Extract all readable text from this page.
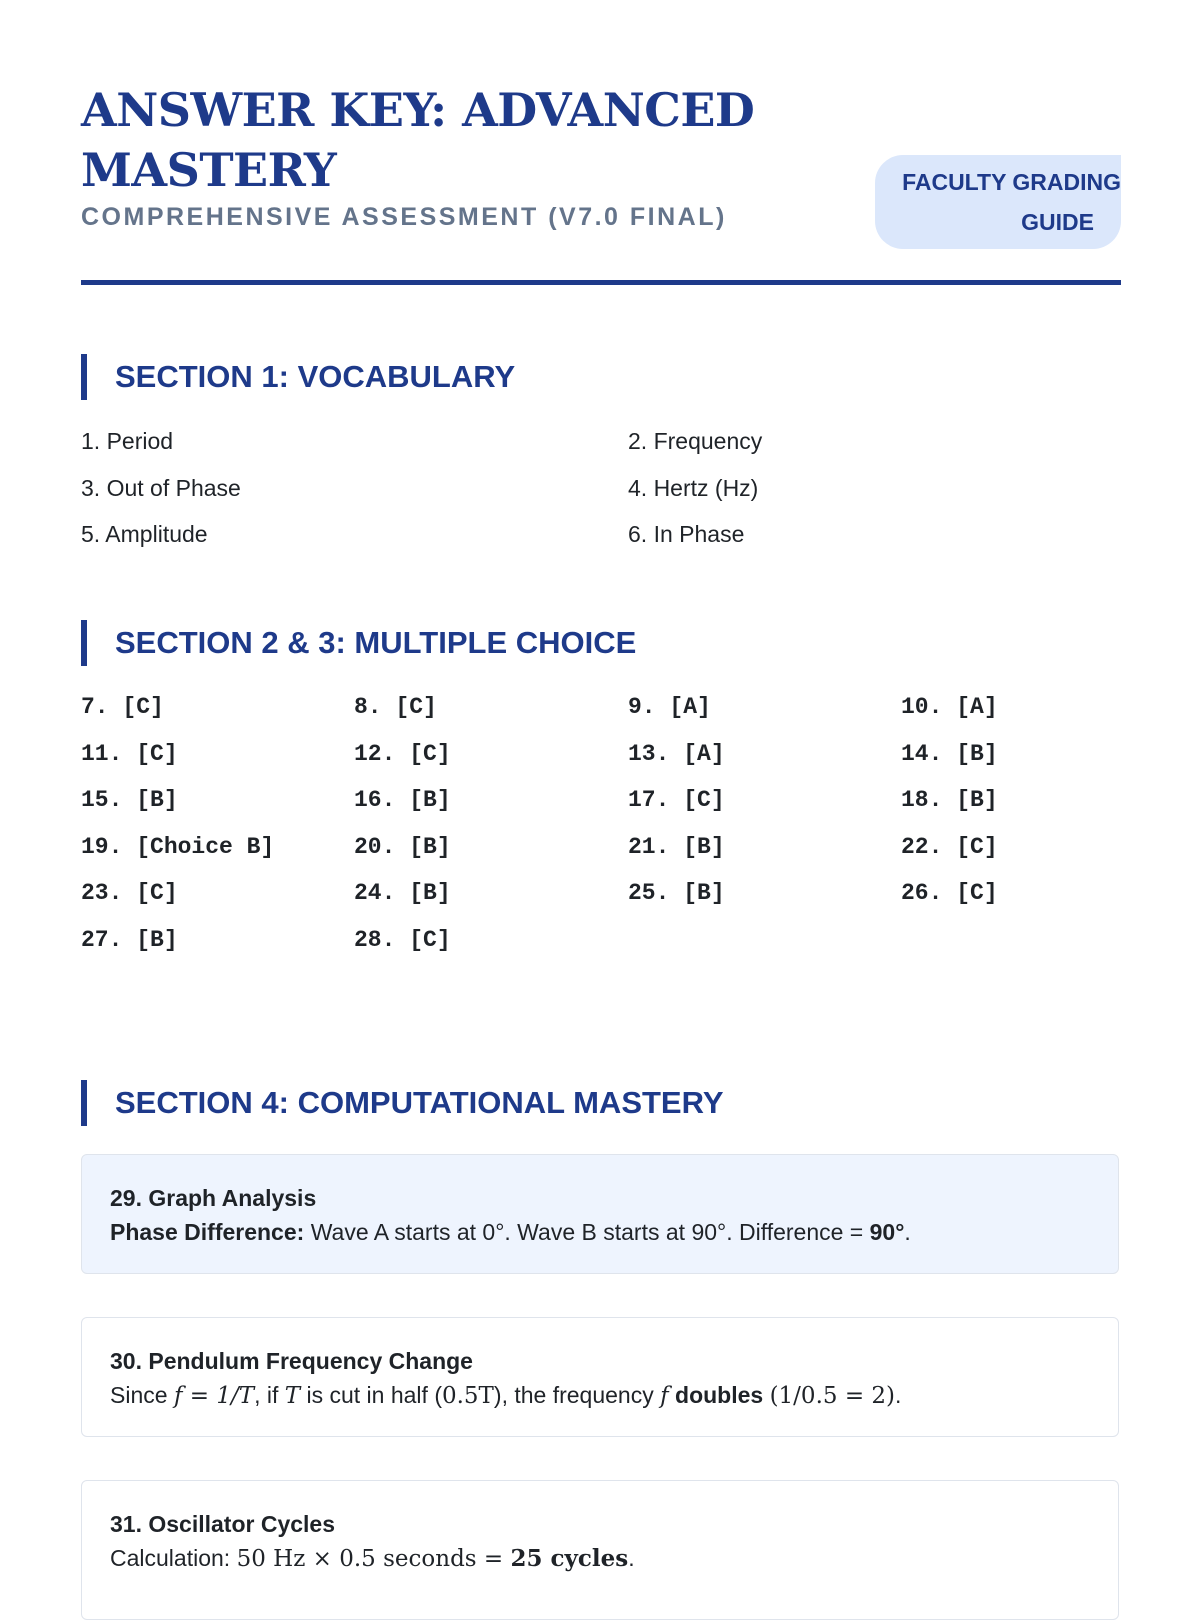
ANSWER KEY: ADVANCED MASTERY
COMPREHENSIVE ASSESSMENT (V7.0 FINAL)
FACULTY GRADING
GUIDE
SECTION 1: VOCABULARY
1. Period	2. Frequency
3. Out of Phase	4. Hertz (Hz)
5. Amplitude	6. In Phase
SECTION 2 & 3: MULTIPLE CHOICE
7. [C]	8. [C]	9. [A]	10. [A]
11. [C]	12. [C]	13. [A]	14. [B]
15. [B]	16. [B]	17. [C]	18. [B]
19. [Choice B]	20. [B]	21. [B]	22. [C]
23. [C]	24. [B]	25. [B]	26. [C]
27. [B]	28. [C]
SECTION 4: COMPUTATIONAL MASTERY
29. Graph Analysis
Phase Difference: Wave A starts at 0°. Wave B starts at 90°. Difference = 90°.
30. Pendulum Frequency Change
Since f = 1/T, if T is cut in half (0.5T), the frequency f doubles (1/0.5 = 2).
31. Oscillator Cycles
Calculation: 50 Hz × 0.5 seconds = 25 cycles.
